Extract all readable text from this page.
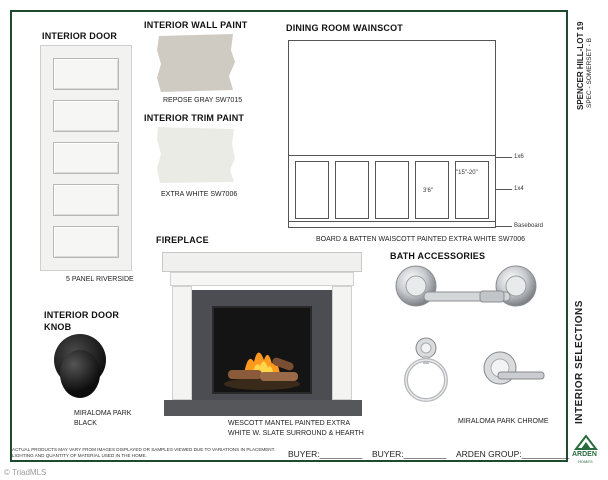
INTERIOR DOOR
5 PANEL RIVERSIDE
INTERIOR WALL PAINT
REPOSE GRAY SW7015
INTERIOR TRIM PAINT
EXTRA WHITE SW7006
DINING ROOM WAINSCOT
3'6"
"15"-20"
1x6
1x4
Baseboard
BOARD & BATTEN WAISCOTT PAINTED EXTRA WHITE SW7006
FIREPLACE
WESCOTT MANTEL PAINTED EXTRA
WHITE W. SLATE SURROUND & HEARTH
BATH ACCESSORIES
MIRALOMA PARK CHROME
INTERIOR DOOR
KNOB
MIRALOMA PARK
BLACK
SPENCER HILL-LOT 19 SPEC - SOMERSET - B
INTERIOR SELECTIONS
ARDEN
HOMES
ACTUAL PRODUCTS MAY VARY FROM IMAGES DISPLAYED OR SAMPLES VIEWED DUE TO VARIATIONS IN PLACEMENT. LIGHTING AND QUANTITY OF MATERIAL USED IN THE HOME.	BUYER:_________ BUYER:_________ ARDEN GROUP:__________
© TriadMLS
